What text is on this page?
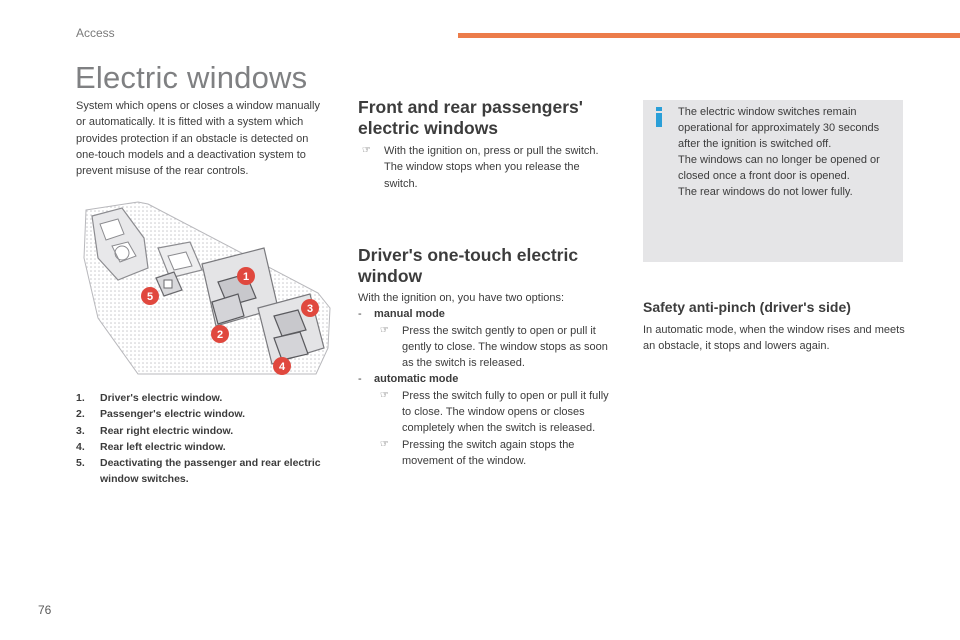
Access
Electric windows
System which opens or closes a window manually or automatically. It is fitted with a system which provides protection if an obstacle is detected on one-touch models and a deactivation system to prevent misuse of the rear controls.
1
2
3
4
5
1.	Driver's electric window.
2.	Passenger's electric window.
3.	Rear right electric window.
4.	Rear left electric window.
5.	Deactivating the passenger and rear electric window switches.
Front and rear passengers' electric windows
☞	With the ignition on, press or pull the switch. The window stops when you release the switch.
Driver's one-touch electric window
With the ignition on, you have two options:
-	manual mode
☞	Press the switch gently to open or pull it gently to close. The window stops as soon as the switch is released.
-	automatic mode
☞	Press the switch fully to open or pull it fully to close. The window opens or closes completely when the switch is released.
☞	Pressing the switch again stops the movement of the window.
The electric window switches remain operational for approximately 30 seconds after the ignition is switched off.
The windows can no longer be opened or closed once a front door is opened.
The rear windows do not lower fully.
Safety anti-pinch (driver's side)
In automatic mode, when the window rises and meets an obstacle, it stops and lowers again.
76
